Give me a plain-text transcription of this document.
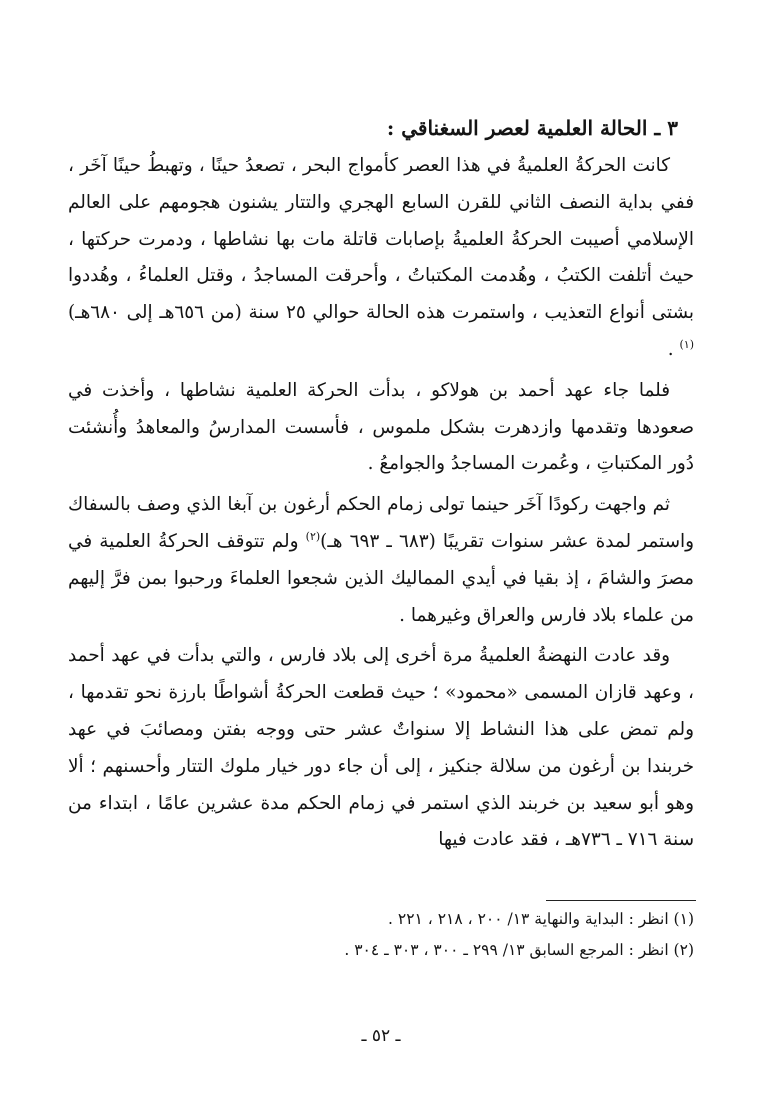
٣ ـ الحالة العلمية لعصر السغناقي :

كانت الحركةُ العلميةُ في هذا العصر كأمواج البحر ، تصعدُ حينًا ، وتهبطُ حينًا آخَر ، ففي بداية النصف الثاني للقرن السابع الهجري والتتار يشنون هجومهم على العالم الإسلامي أصيبت الحركةُ العلميةُ بإصابات قاتلة مات بها نشاطها ، ودمرت حركتها ، حيث أتلفت الكتبُ ، وهُدمت المكتباتُ ، وأحرقت المساجدُ ، وقتل العلماءُ ، وهُددوا بشتى أنواع التعذيب ، واستمرت هذه الحالة حوالي ٢٥ سنة (من ٦٥٦هـ إلى ٦٨٠هـ)$^{(١)}$ .

فلما جاء عهد أحمد بن هولاكو ، بدأت الحركة العلمية نشاطها ، وأخذت في صعودها وتقدمها وازدهرت بشكل ملموس ، فأسست المدارسُ والمعاهدُ وأُنشئت دُور المكتباتِ ، وعُمرت المساجدُ والجوامعُ .

ثم واجهت ركودًا آخَر حينما تولى زمام الحكم أرغون بن آبغا الذي وصف بالسفاك واستمر لمدة عشر سنوات تقريبًا (٦٨٣ ـ ٦٩٣ هـ)$^{(٢)}$ ولم تتوقف الحركةُ العلمية في مصرَ والشامَ ، إذ بقيا في أيدي المماليك الذين شجعوا العلماءَ ورحبوا بمن فرَّ إليهم من علماء بلاد فارس والعراق وغيرهما .

وقد عادت النهضةُ العلميةُ مرة أخرى إلى بلاد فارس ، والتي بدأت في عهد أحمد ، وعهد قازان المسمى «محمود» ؛ حيث قطعت الحركةُ أشواطًا بارزة نحو تقدمها ، ولم تمض على هذا النشاط إلا سنواتٌ عشر حتى ووجه بفتن ومصائبَ في عهد خربندا بن أرغون من سلالة جنكيز ، إلى أن جاء دور خيار ملوك التتار وأحسنهم ؛ ألا وهو أبو سعيد بن خربند الذي استمر في زمام الحكم مدة عشرين عامًا ، ابتداء من سنة ٧١٦ ـ ٧٣٦هـ ، فقد عادت فيها

(١) انظر : البداية والنهاية ١٣/ ٢٠٠ ، ٢١٨ ، ٢٢١ .

(٢) انظر : المرجع السابق ١٣/ ٢٩٩ ـ ٣٠٠ ، ٣٠٣ ـ ٣٠٤ .

ـ ٥٢ ـ
